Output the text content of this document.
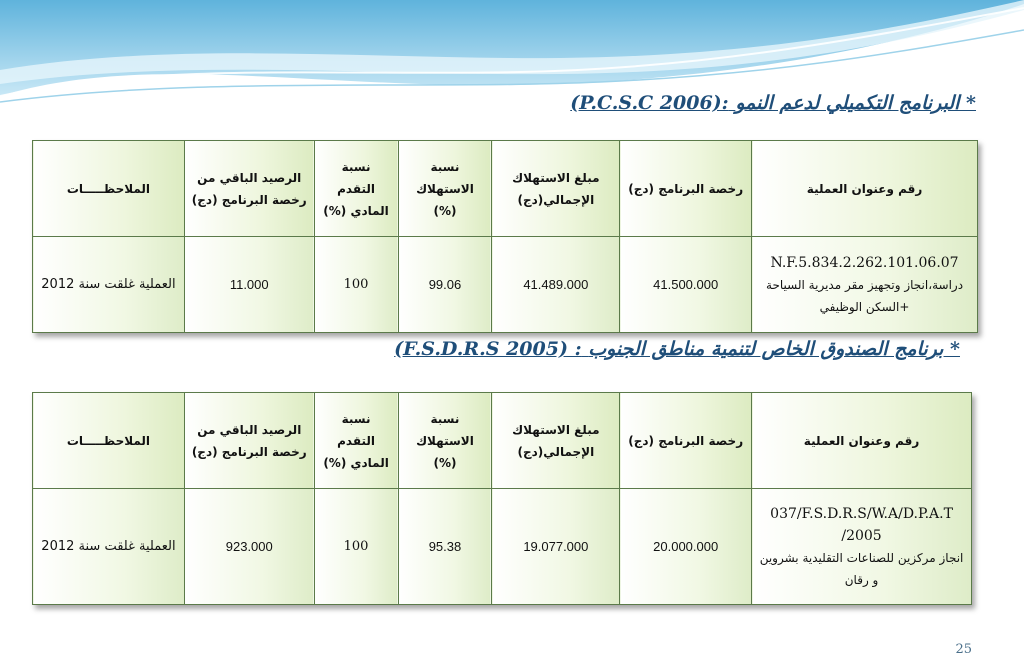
* البرنامج التكميلي لدعم النمو (P.C.S.C 2006):
رقم وعنوان العملية	رخصة البرنامج (دج)	مبلغ الاستهلاك الإجمالي(دج)	نسبة الاستهلاك (%)	نسبة التقدم المادي (%)	الرصيد الباقي من رخصة البرنامج (دج)	الملاحظـــــات

N.F.5.834.2.262.101.06.07
دراسة،انجاز وتجهيز مقر مديرية السياحة +السكن الوظيفي	41.500.000	41.489.000	99.06	100	11.000	العملية غلقت سنة 2012
* برنامج الصندوق الخاص لتنمية مناطق الجنوب (F.S.D.R.S 2005) :
رقم وعنوان العملية	رخصة البرنامج (دج)	مبلغ الاستهلاك الإجمالي(دج)	نسبة الاستهلاك (%)	نسبة التقدم المادي (%)	الرصيد الباقي من رخصة البرنامج (دج)	الملاحظـــــات

037/F.S.D.R.S/W.A/D.P.A.T /2005
انجاز مركزين للصناعات التقليدية بشروين و رقان	20.000.000	19.077.000	95.38	100	923.000	العملية غلقت سنة 2012
25
